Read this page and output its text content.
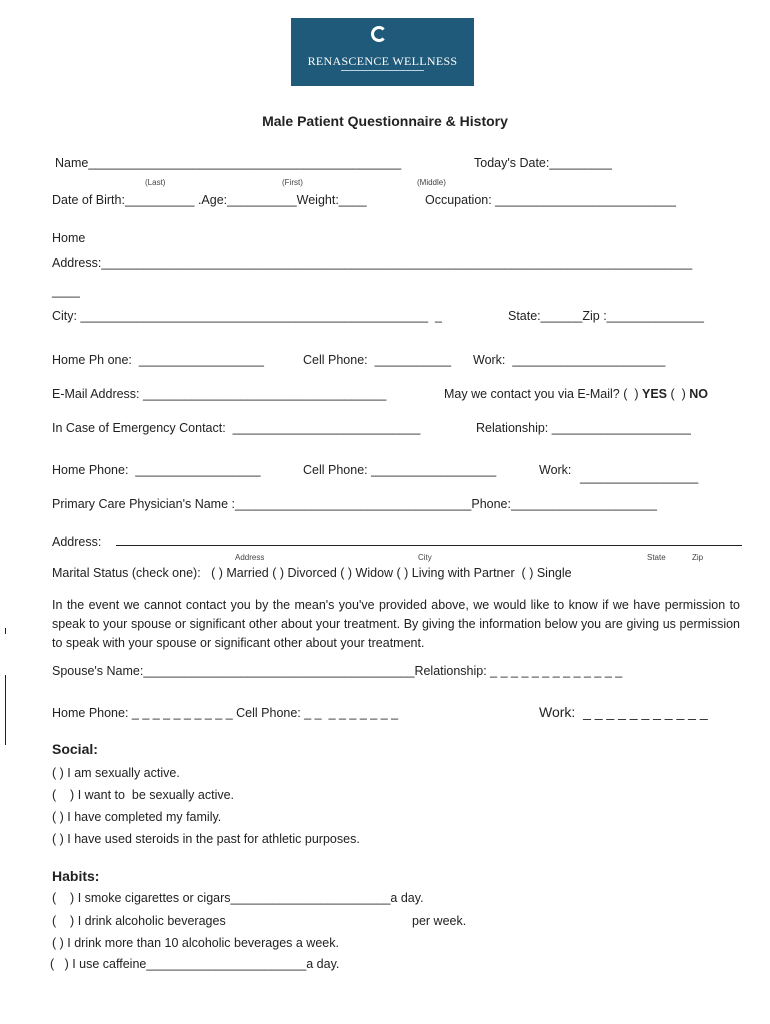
RENASCENCE WELLNESS
Male Patient Questionnaire & History
Name_____________________________________________	Today's Date:_________
(Last)	(First)	(Middle)
Date of Birth:__________ .Age:__________Weight:____	Occupation: __________________________
Home
Address:_____________________________________________________________________________________
____
City: __________________________________________________  _	State:______Zip :______________
Home Ph one:  __________________	Cell Phone:  ___________ Work:  ______________________
E-Mail Address: ___________________________________	May we contact you via E-Mail? (  ) YES (  ) NO
In Case of Emergency Contact:  ___________________________	Relationship: ____________________
Home Phone:  __________________	Cell Phone: __________________	Work: _________________
Primary Care Physician's Name :__________________________________Phone:_____________________
Address:
Address	City	State	Zip
Marital Status (check one):   ( ) Married ( ) Divorced ( ) Widow ( ) Living with Partner  ( ) Single
In the event we cannot contact you by the mean's you've provided above, we would like to know if we have permission to speak to your spouse or significant other about your treatment. By giving the information below you are giving us permission to speak with your spouse or significant other about your treatment.
Spouse's Name:_______________________________________Relationship: _ _ _ _ _ _ _ _ _ _ _ _ _
Home Phone: _ _ _ _ _ _ _ _ _ _ Cell Phone: _ _  _ _ _ _ _ _ _	Work:  _ _ _ _ _ _ _ _ _ _ _
Social:
( ) I am sexually active.
(    ) I want to  be sexually active.
( ) I have completed my family.
( ) I have used steroids in the past for athletic purposes.
Habits:
(    ) I smoke cigarettes or cigars_______________________a day.
(    ) I drink alcoholic beverages	per week.
( ) I drink more than 10 alcoholic beverages a week.
(   ) I use caffeine_______________________a day.
